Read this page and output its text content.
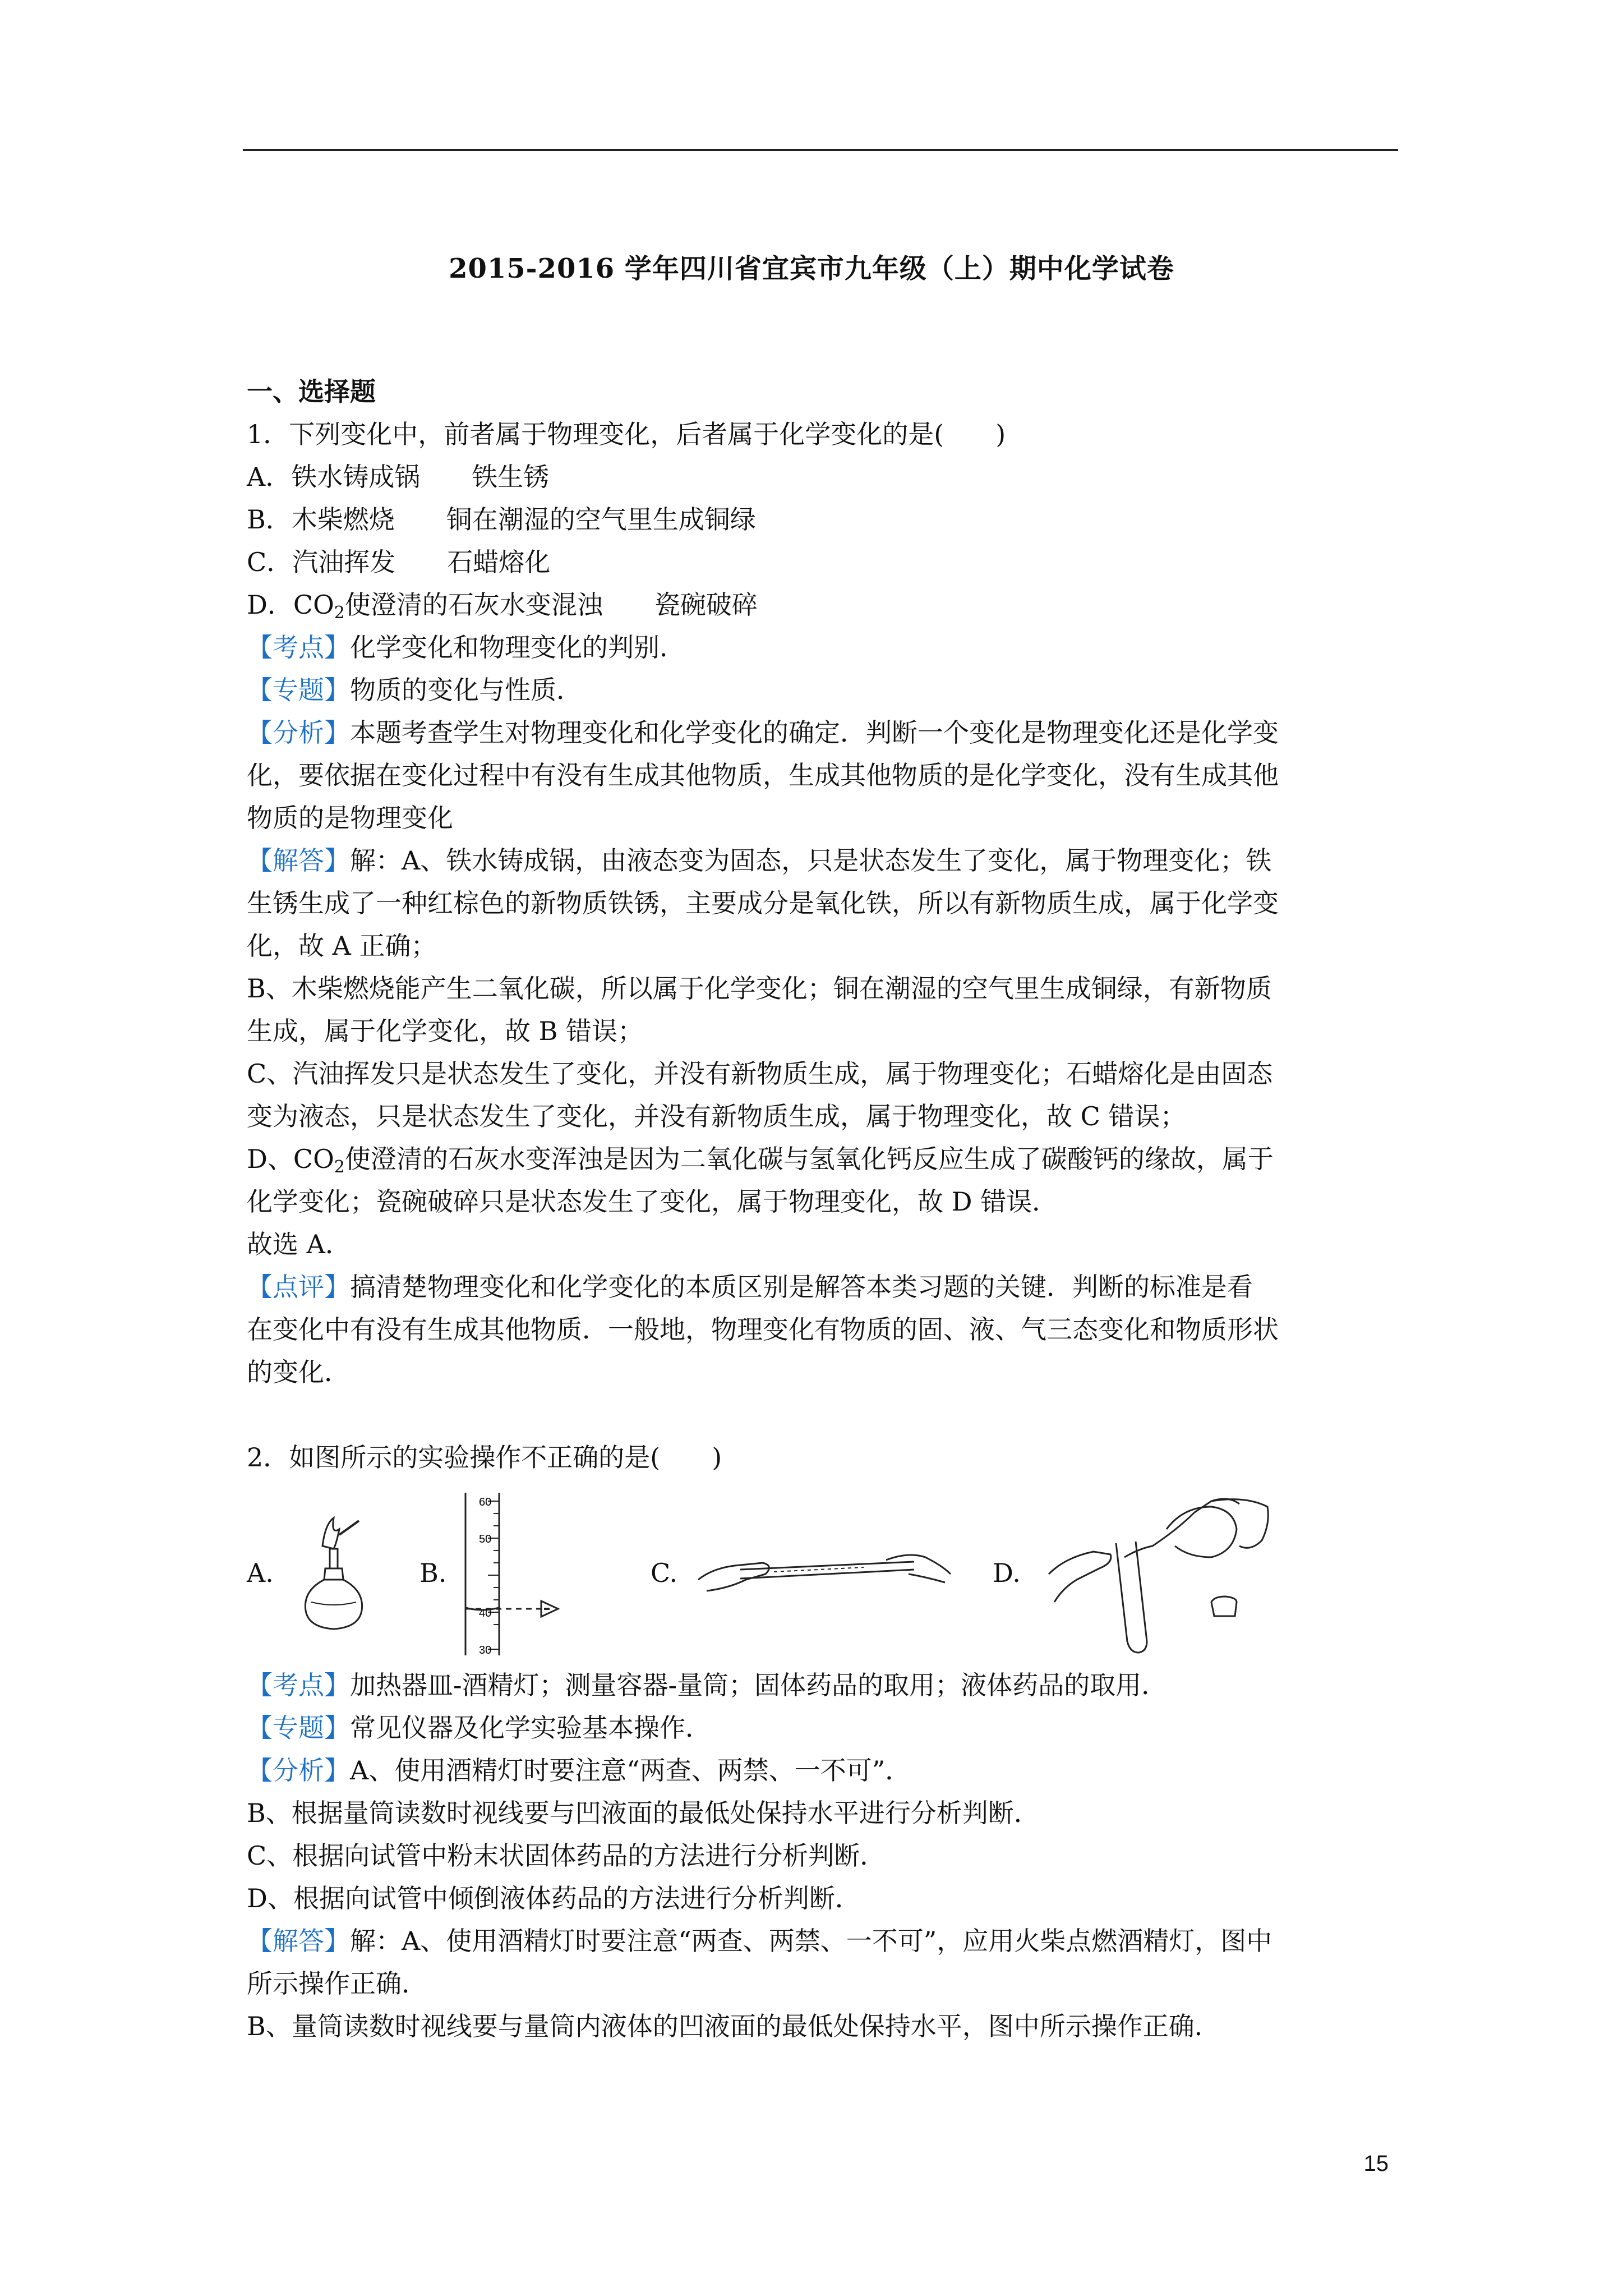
2015-2016 学年四川省宜宾市九年级（上）期中化学试卷

一、选择题

1．下列变化中，前者属于物理变化，后者属于化学变化的是(　　)

A．铁水铸成锅　　铁生锈

B．木柴燃烧　　铜在潮湿的空气里生成铜绿

C．汽油挥发　　石蜡熔化

D．$CO_2$使澄清的石灰水变混浊　　瓷碗破碎

【考点】化学变化和物理变化的判别．

【专题】物质的变化与性质．

【分析】本题考查学生对物理变化和化学变化的确定．判断一个变化是物理变化还是化学变

化，要依据在变化过程中有没有生成其他物质，生成其他物质的是化学变化，没有生成其他

物质的是物理变化

【解答】解：A、铁水铸成锅，由液态变为固态，只是状态发生了变化，属于物理变化；铁

生锈生成了一种红棕色的新物质铁锈，主要成分是氧化铁，所以有新物质生成，属于化学变

化，故 A 正确；

B、木柴燃烧能产生二氧化碳，所以属于化学变化；铜在潮湿的空气里生成铜绿，有新物质

生成，属于化学变化，故 B 错误；

C、汽油挥发只是状态发生了变化，并没有新物质生成，属于物理变化；石蜡熔化是由固态

变为液态，只是状态发生了变化，并没有新物质生成，属于物理变化，故 C 错误；

D、$CO_2$使澄清的石灰水变浑浊是因为二氧化碳与氢氧化钙反应生成了碳酸钙的缘故，属于

化学变化；瓷碗破碎只是状态发生了变化，属于物理变化，故 D 错误．

故选 A．

【点评】搞清楚物理变化和化学变化的本质区别是解答本类习题的关键．判断的标准是看

在变化中有没有生成其他物质．一般地，物理变化有物质的固、液、气三态变化和物质形状

的变化．

2．如图所示的实验操作不正确的是(　　)

A.	B.
60
50
40
30
C.	D.

【考点】加热器皿-酒精灯；测量容器-量筒；固体药品的取用；液体药品的取用．

【专题】常见仪器及化学实验基本操作．

【分析】A、使用酒精灯时要注意“两查、两禁、一不可”．

B、根据量筒读数时视线要与凹液面的最低处保持水平进行分析判断．

C、根据向试管中粉末状固体药品的方法进行分析判断．

D、根据向试管中倾倒液体药品的方法进行分析判断．

【解答】解：A、使用酒精灯时要注意“两查、两禁、一不可”，应用火柴点燃酒精灯，图中

所示操作正确．

B、量筒读数时视线要与量筒内液体的凹液面的最低处保持水平，图中所示操作正确．

15
